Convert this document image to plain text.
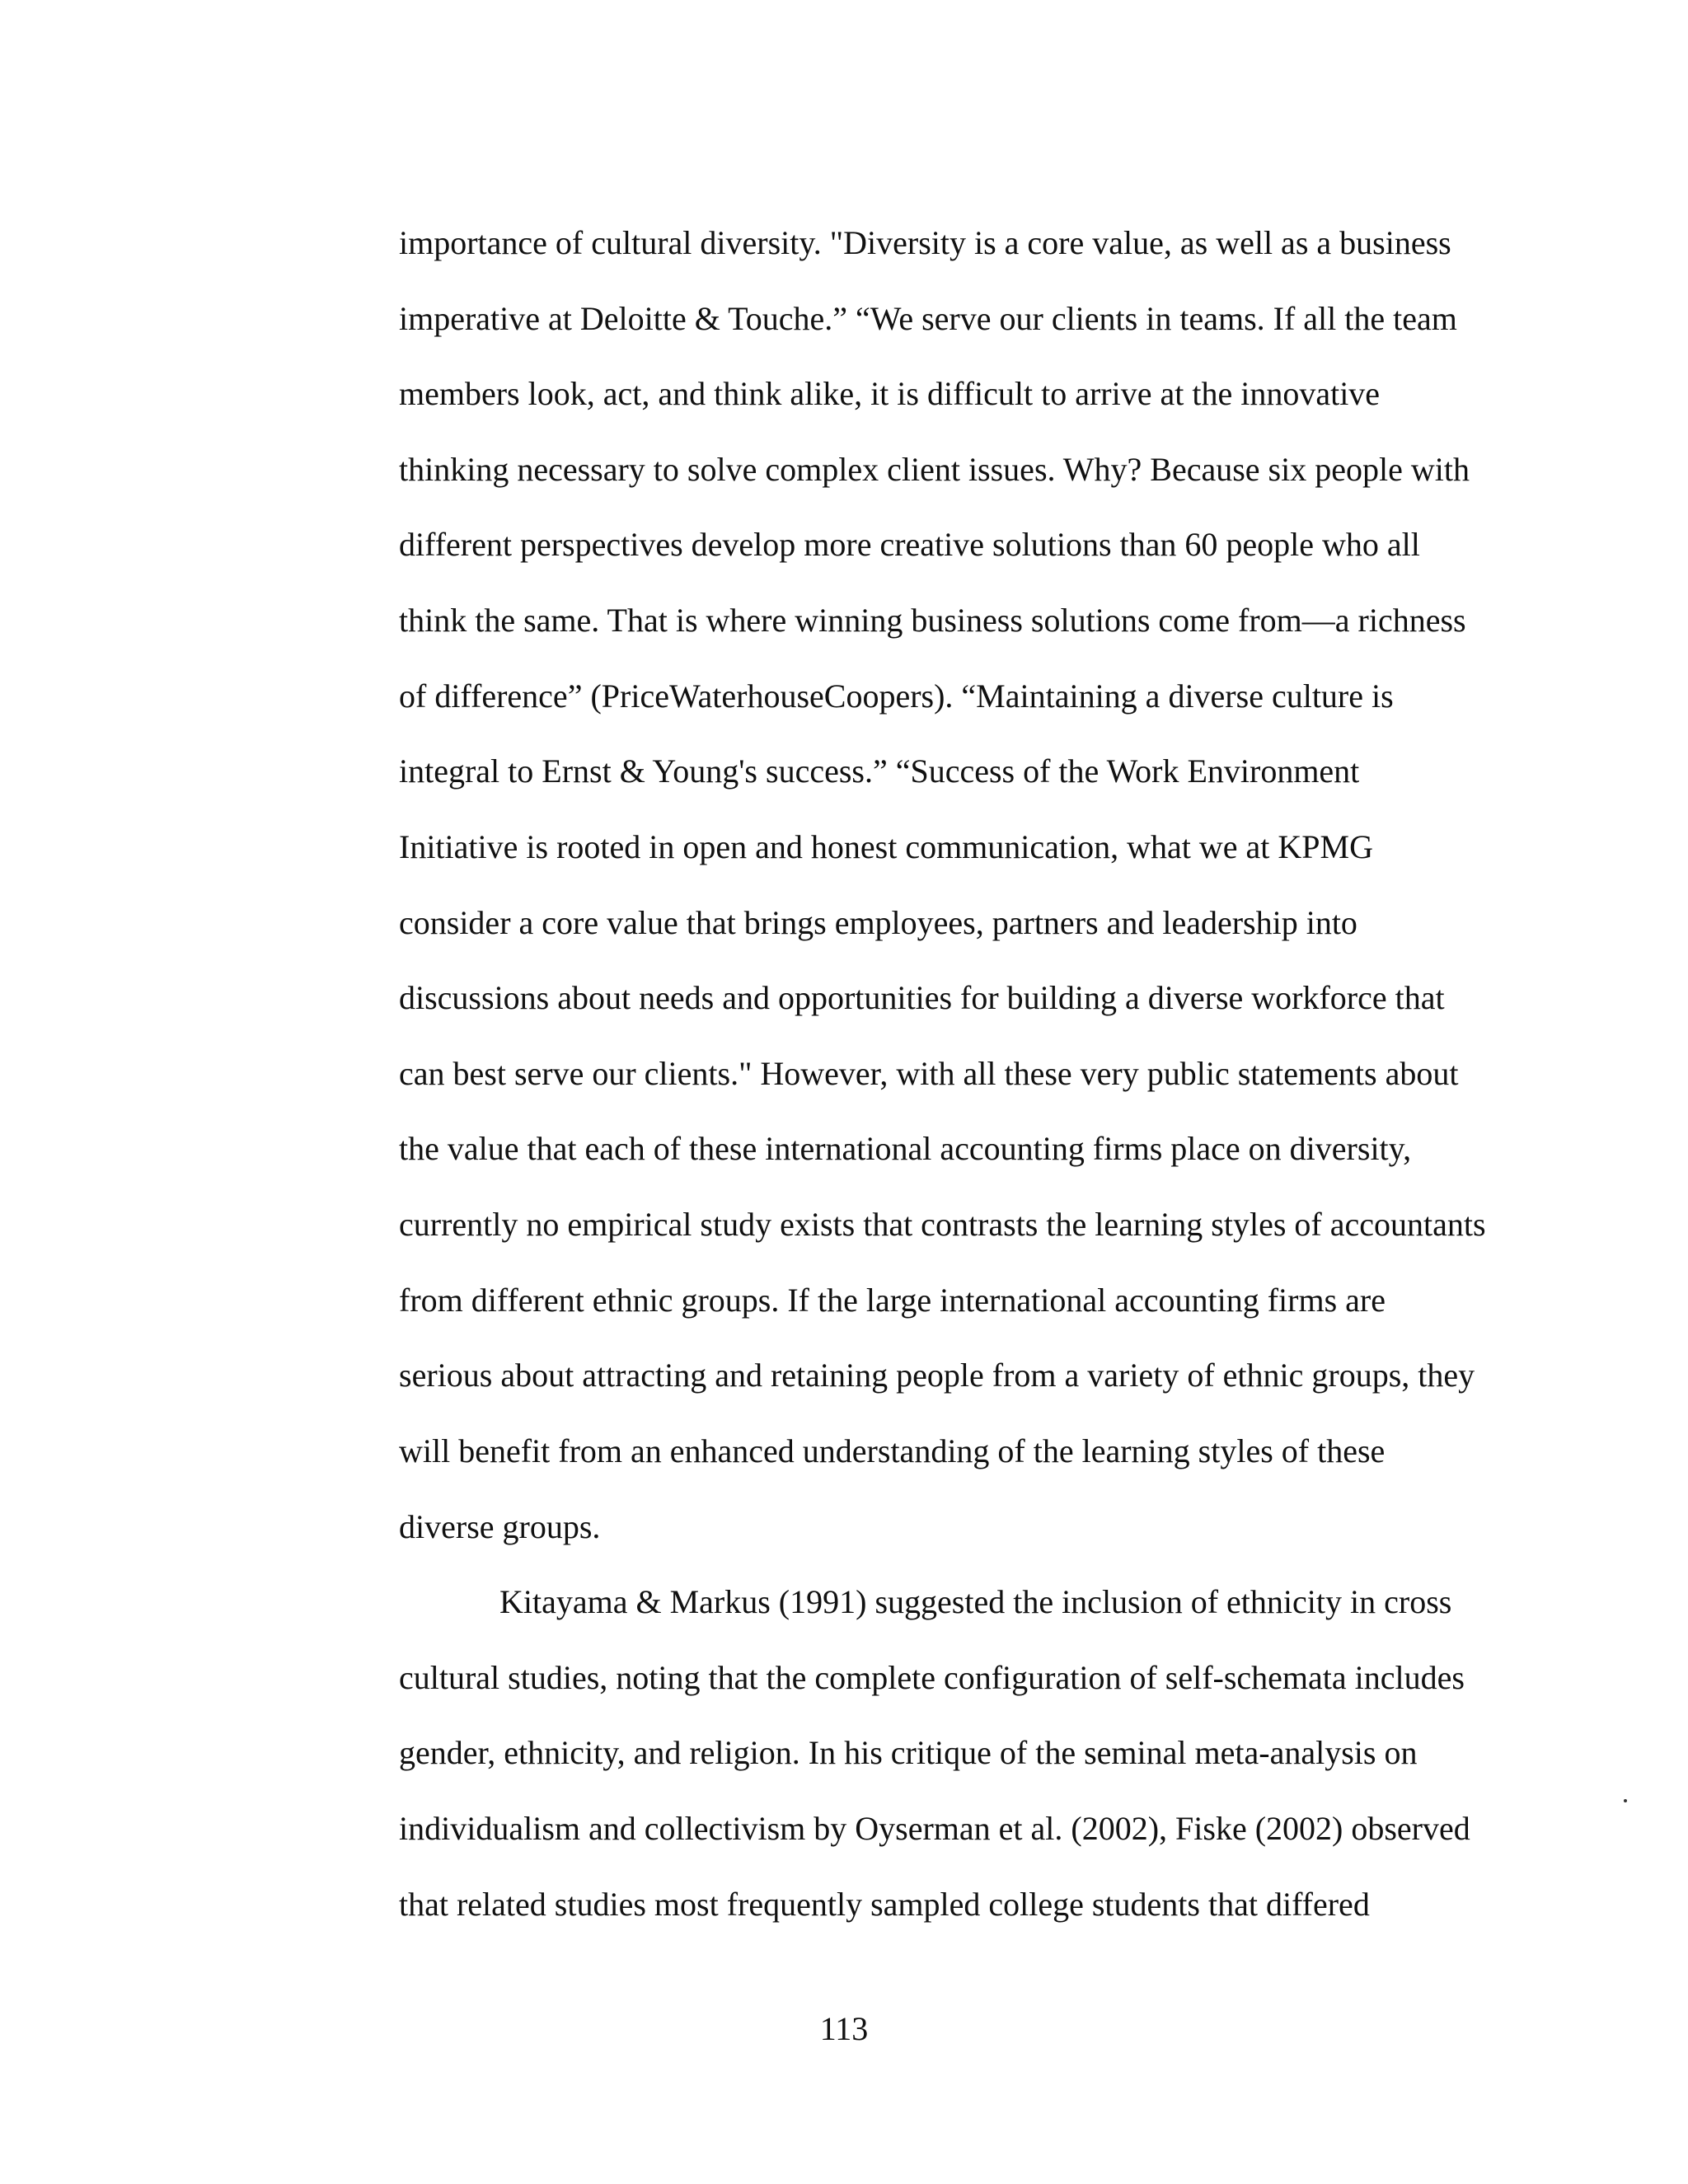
importance of cultural diversity. "Diversity is a core value, as well as a business
imperative at Deloitte & Touche.” “We serve our clients in teams. If all the team
members look, act, and think alike, it is difficult to arrive at the innovative
thinking necessary to solve complex client issues. Why? Because six people with
different perspectives develop more creative solutions than 60 people who all
think the same. That is where winning business solutions come from—a richness
of difference” (PriceWaterhouseCoopers). “Maintaining a diverse culture is
integral to Ernst & Young's success.” “Success of the Work Environment
Initiative is rooted in open and honest communication, what we at KPMG
consider a core value that brings employees, partners and leadership into
discussions about needs and opportunities for building a diverse workforce that
can best serve our clients." However, with all these very public statements about
the value that each of these international accounting firms place on diversity,
currently no empirical study exists that contrasts the learning styles of accountants
from different ethnic groups. If the large international accounting firms are
serious about attracting and retaining people from a variety of ethnic groups, they
will benefit from an enhanced understanding of the learning styles of these
diverse groups.
Kitayama & Markus (1991) suggested the inclusion of ethnicity in cross
cultural studies, noting that the complete configuration of self-schemata includes
gender, ethnicity, and religion. In his critique of the seminal meta-analysis on
individualism and collectivism by Oyserman et al. (2002), Fiske (2002) observed
that related studies most frequently sampled college students that differed
113
